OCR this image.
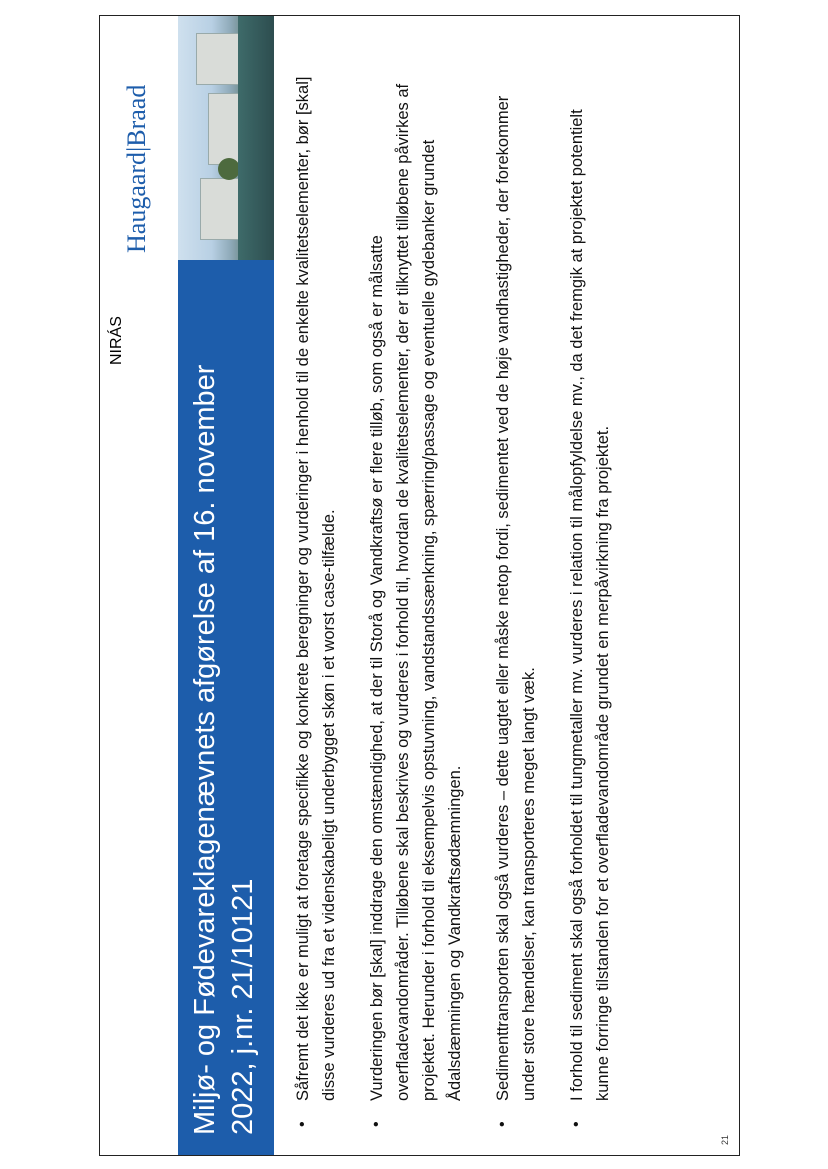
NIRÁS
Haugaard|Braad
Miljø- og Fødevareklagenævnets afgørelse af 16. november 2022, j.nr. 21/10121 •
Såfremt det ikke er muligt at foretage specifikke og konkrete beregninger og vurderinger i henhold til de enkelte kvalitetselementer, bør [skal] disse vurderes ud fra et videnskabeligt underbygget skøn i et worst case-tilfælde.
•
Vurderingen bør [skal] inddrage den omstændighed, at der til Storå og Vandkraftsø er flere tilløb, som også er målsatte overfladevandområder. Tilløbene skal beskrives og vurderes i forhold til, hvordan de kvalitetselementer, der er tilknyttet tilløbene påvirkes af projektet. Herunder i forhold til eksempelvis opstuvning, vandstandssænkning, spærring/passage og eventuelle gydebanker grundet Ådalsdæmningen og Vandkraftsødæmningen.
•
Sedimenttransporten skal også vurderes – dette uagtet eller måske netop fordi, sedimentet ved de høje vandhastigheder, der forekommer under store hændelser, kan transporteres meget langt væk.
•
I forhold til sediment skal også forholdet til tungmetaller mv. vurderes i relation til målopfyldelse mv., da det fremgik at projektet potentielt kunne forringe tilstanden for et overfladevandområde grundet en merpåvirkning fra projektet.
21
